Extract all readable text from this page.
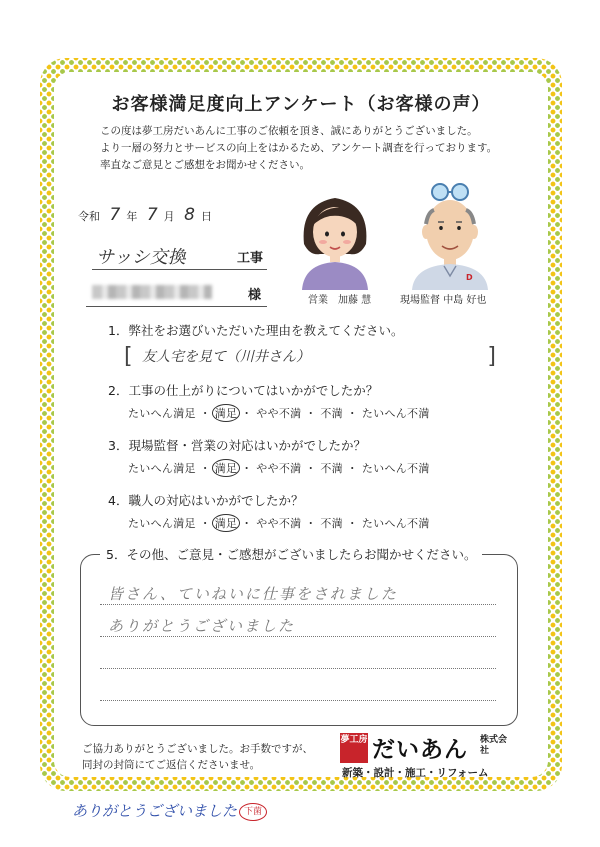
お客様満足度向上アンケート（お客様の声）
この度は夢工房だいあんに工事のご依頼を頂き、誠にありがとうございました。
より一層の努力とサービスの向上をはかるため、アンケート調査を行っております。
率直なご意見とご感想をお聞かせください。
令和 7 年 7 月 8 日
サッシ交換	工事
様
D
営業　 加藤 慧	現場監督 中島 好也
1．弊社をお選びいただいた理由を教えてください。
[ 友人宅を見て（川井さん）	]
2．工事の仕上がりについてはいかがでしたか？
たいへん満足 ・ 満足 ・ やや不満 ・ 不満 ・ たいへん不満
3．現場監督・営業の対応はいかがでしたか？
たいへん満足 ・ 満足 ・ やや不満 ・ 不満 ・ たいへん不満
4．職人の対応はいかがでしたか？
たいへん満足 ・ 満足 ・ やや不満 ・ 不満 ・ たいへん不満
5．その他、ご意見・ご感想がございましたらお聞かせください。
皆さん、ていねいに仕事をされました
ありがとうございました
ご協力ありがとうございました。お手数ですが、
同封の封筒にてご返信くださいませ。
夢工房 だいあん 株式会社
新築・設計・施工・リフォーム
ありがとうございました 下菌
